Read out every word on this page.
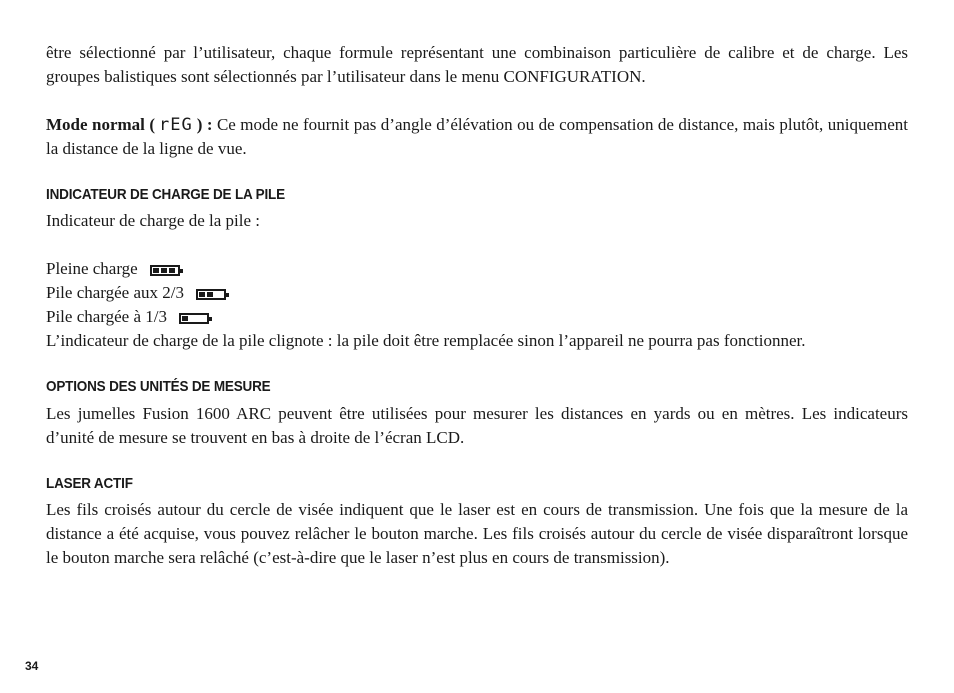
être sélectionné par l’utilisateur, chaque formule représentant une combinaison particulière de calibre et de charge. Les groupes balistiques sont sélectionnés par l’utilisateur dans le menu CONFIGURATION.

Mode normal ( rEG ) : Ce mode ne fournit pas d’angle d’élévation ou de compensation de distance, mais plutôt, uniquement la distance de la ligne de vue.

INDICATEUR DE CHARGE DE LA PILE

Indicateur de charge de la pile :

Pleine charge

Pile chargée aux 2/3

Pile chargée à 1/3

L’indicateur de charge de la pile clignote : la pile doit être remplacée sinon l’appareil ne pourra pas fonctionner.

OPTIONS DES UNITÉS DE MESURE

Les jumelles Fusion 1600 ARC peuvent être utilisées pour mesurer les distances en yards ou en mètres. Les indicateurs d’unité de mesure se trouvent en bas à droite de l’écran LCD.

LASER ACTIF

Les fils croisés autour du cercle de visée indiquent que le laser est en cours de transmission. Une fois que la mesure de la distance a été acquise, vous pouvez relâcher le bouton marche. Les fils croisés autour du cercle de visée disparaîtront lorsque le bouton marche sera relâché (c’est-à-dire que le laser n’est plus en cours de transmission).

34
